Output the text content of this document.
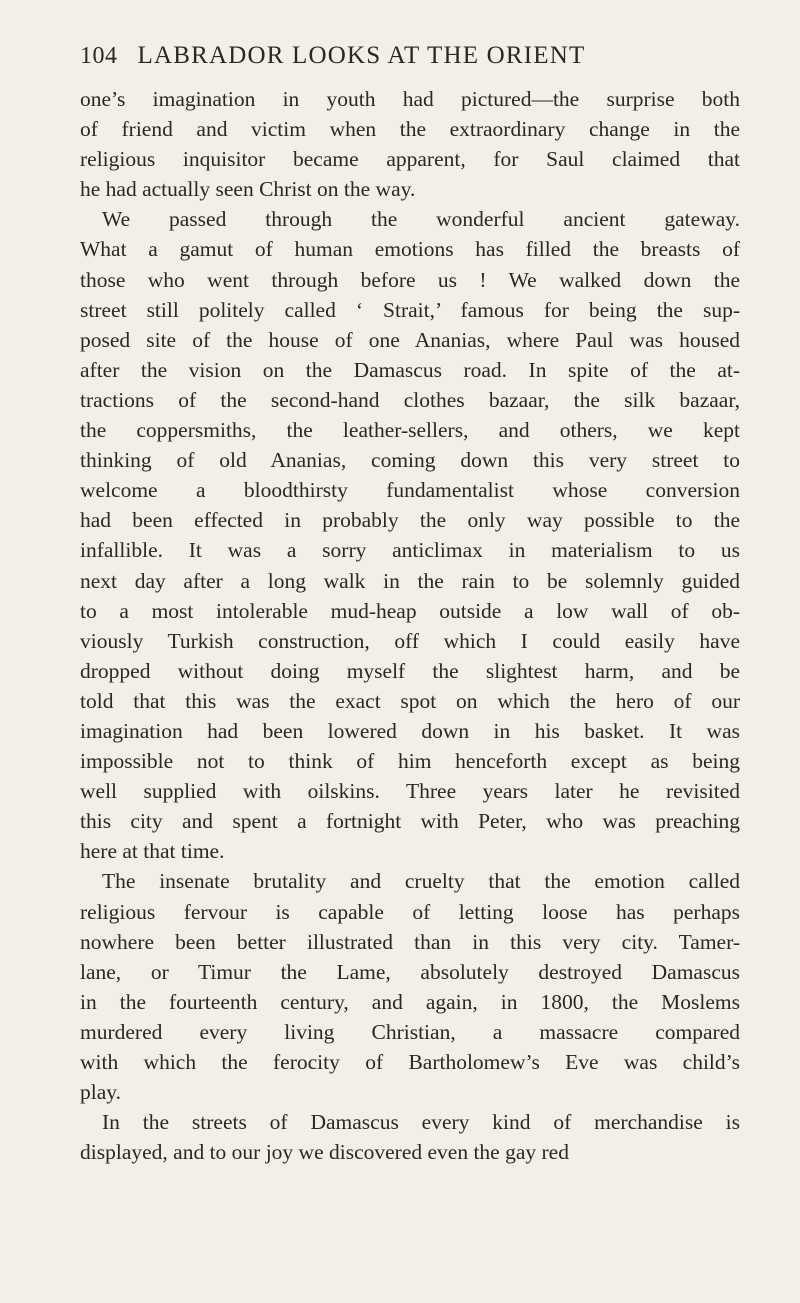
104 LABRADOR LOOKS AT THE ORIENT
one’s imagination in youth had pictured—the surprise both
of friend and victim when the extraordinary change in the
religious inquisitor became apparent, for Saul claimed that
he had actually seen Christ on the way.
We passed through the wonderful ancient gateway.
What a gamut of human emotions has filled the breasts of
those who went through before us ! We walked down the
street still politely called ‘ Strait,’ famous for being the sup-
posed site of the house of one Ananias, where Paul was housed
after the vision on the Damascus road. In spite of the at-
tractions of the second-hand clothes bazaar, the silk bazaar,
the coppersmiths, the leather-sellers, and others, we kept
thinking of old Ananias, coming down this very street to
welcome a bloodthirsty fundamentalist whose conversion
had been effected in probably the only way possible to the
infallible. It was a sorry anticlimax in materialism to us
next day after a long walk in the rain to be solemnly guided
to a most intolerable mud-heap outside a low wall of ob-
viously Turkish construction, off which I could easily have
dropped without doing myself the slightest harm, and be
told that this was the exact spot on which the hero of our
imagination had been lowered down in his basket. It was
impossible not to think of him henceforth except as being
well supplied with oilskins. Three years later he revisited
this city and spent a fortnight with Peter, who was preaching
here at that time.
The insenate brutality and cruelty that the emotion called
religious fervour is capable of letting loose has perhaps
nowhere been better illustrated than in this very city. Tamer-
lane, or Timur the Lame, absolutely destroyed Damascus
in the fourteenth century, and again, in 1800, the Moslems
murdered every living Christian, a massacre compared
with which the ferocity of Bartholomew’s Eve was child’s
play.
In the streets of Damascus every kind of merchandise is
displayed, and to our joy we discovered even the gay red
